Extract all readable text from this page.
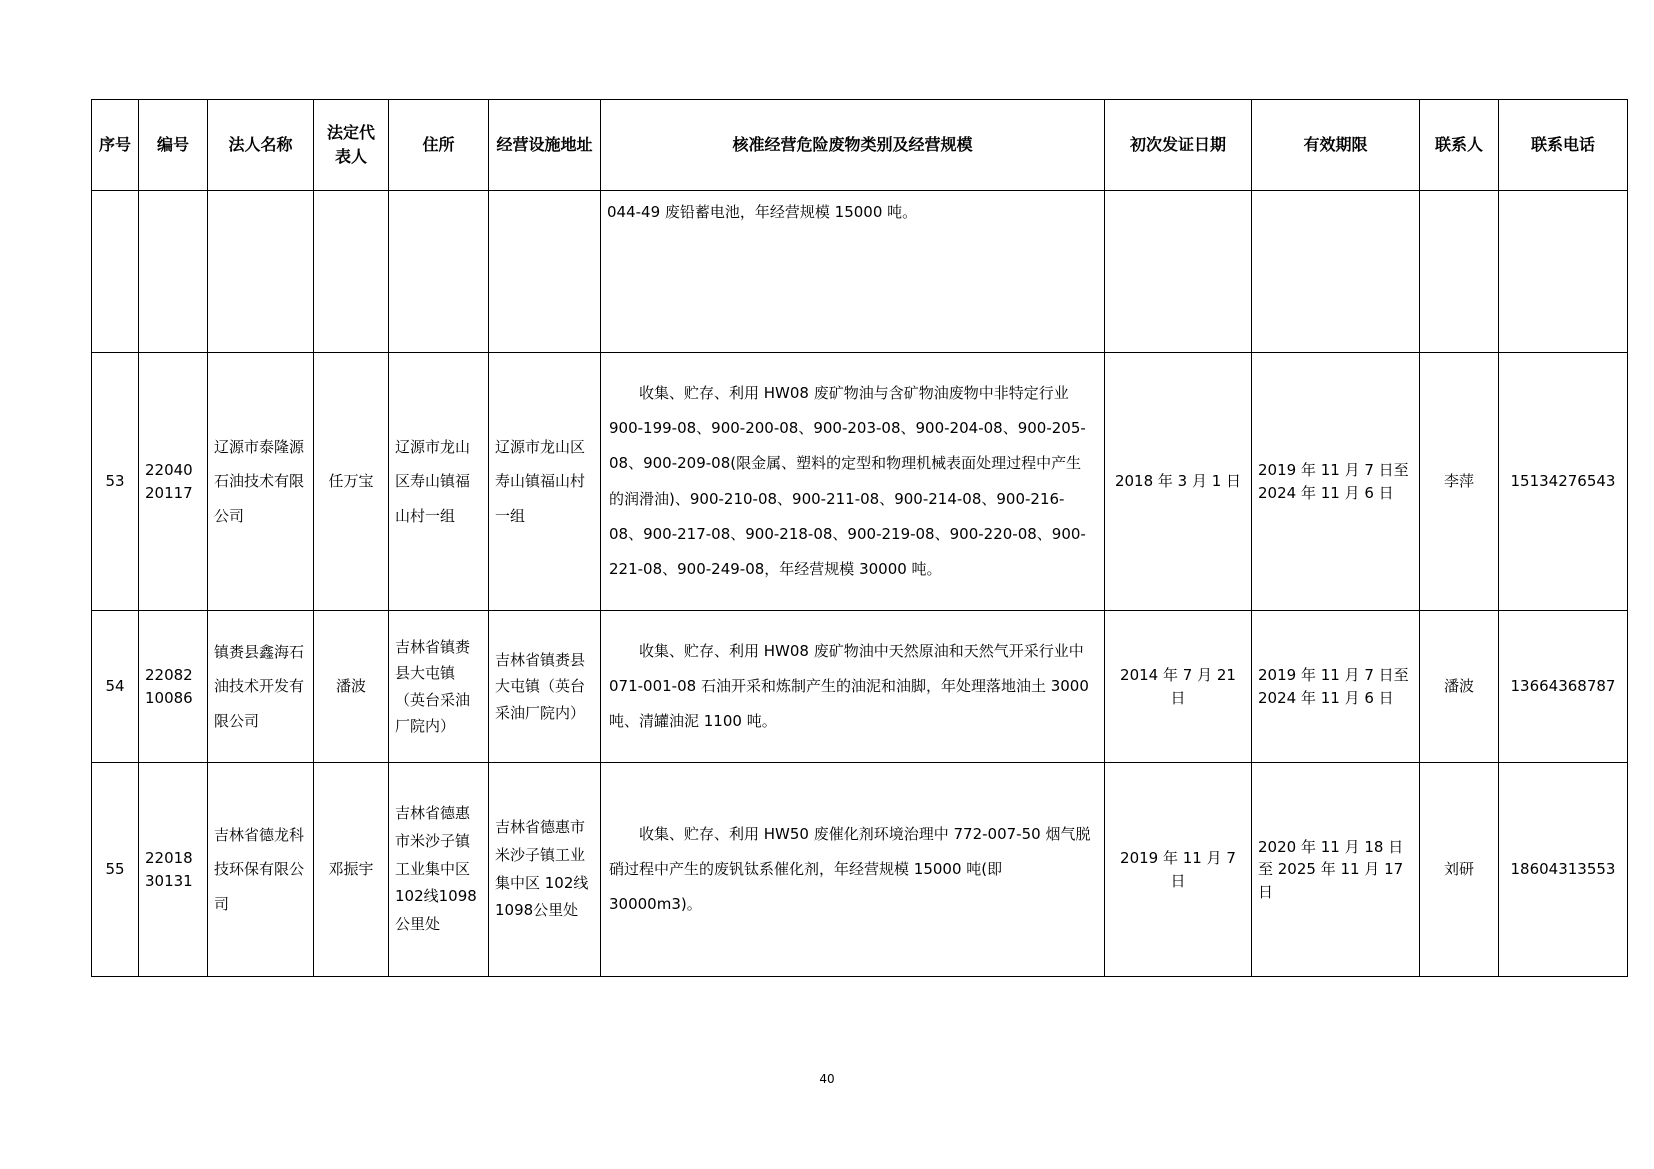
序号	编号	法人名称	法定代表人	住所	经营设施地址	核准经营危险废物类别及经营规模	初次发证日期	有效期限	联系人	联系电话
						044-49 废铅蓄电池，年经营规模 15000 吨。				
53	2204020117	辽源市泰隆源石油技术有限公司	任万宝	辽源市龙山区寿山镇福山村一组	辽源市龙山区寿山镇福山村一组	收集、贮存、利用 HW08 废矿物油与含矿物油废物中非特定行业 900-199-08、900-200-08、900-203-08、900-204-08、900-205-08、900-209-08(限金属、塑料的定型和物理机械表面处理过程中产生的润滑油)、900-210-08、900-211-08、900-214-08、900-216-08、900-217-08、900-218-08、900-219-08、900-220-08、900-221-08、900-249-08，年经营规模 30000 吨。	2018 年 3 月 1 日	2019 年 11 月 7 日至 2024 年 11 月 6 日	李萍	15134276543
54	2208210086	镇赉县鑫海石油技术开发有限公司	潘波	吉林省镇赉县大屯镇（英台采油厂院内）	吉林省镇赉县大屯镇（英台采油厂院内）	收集、贮存、利用 HW08 废矿物油中天然原油和天然气开采行业中 071-001-08 石油开采和炼制产生的油泥和油脚，年处理落地油土 3000 吨、清罐油泥 1100 吨。	2014 年 7 月 21 日	2019 年 11 月 7 日至 2024 年 11 月 6 日	潘波	13664368787
55	2201830131	吉林省德龙科技环保有限公司	邓振宇	吉林省德惠市米沙子镇工业集中区 102线1098公里处	吉林省德惠市米沙子镇工业集中区 102线1098公里处	收集、贮存、利用 HW50 废催化剂环境治理中 772-007-50 烟气脱硝过程中产生的废钒钛系催化剂，年经营规模 15000 吨(即 30000m3)。	2019 年 11 月 7 日	2020 年 11 月 18 日至 2025 年 11 月 17 日	刘研	18604313553
40
